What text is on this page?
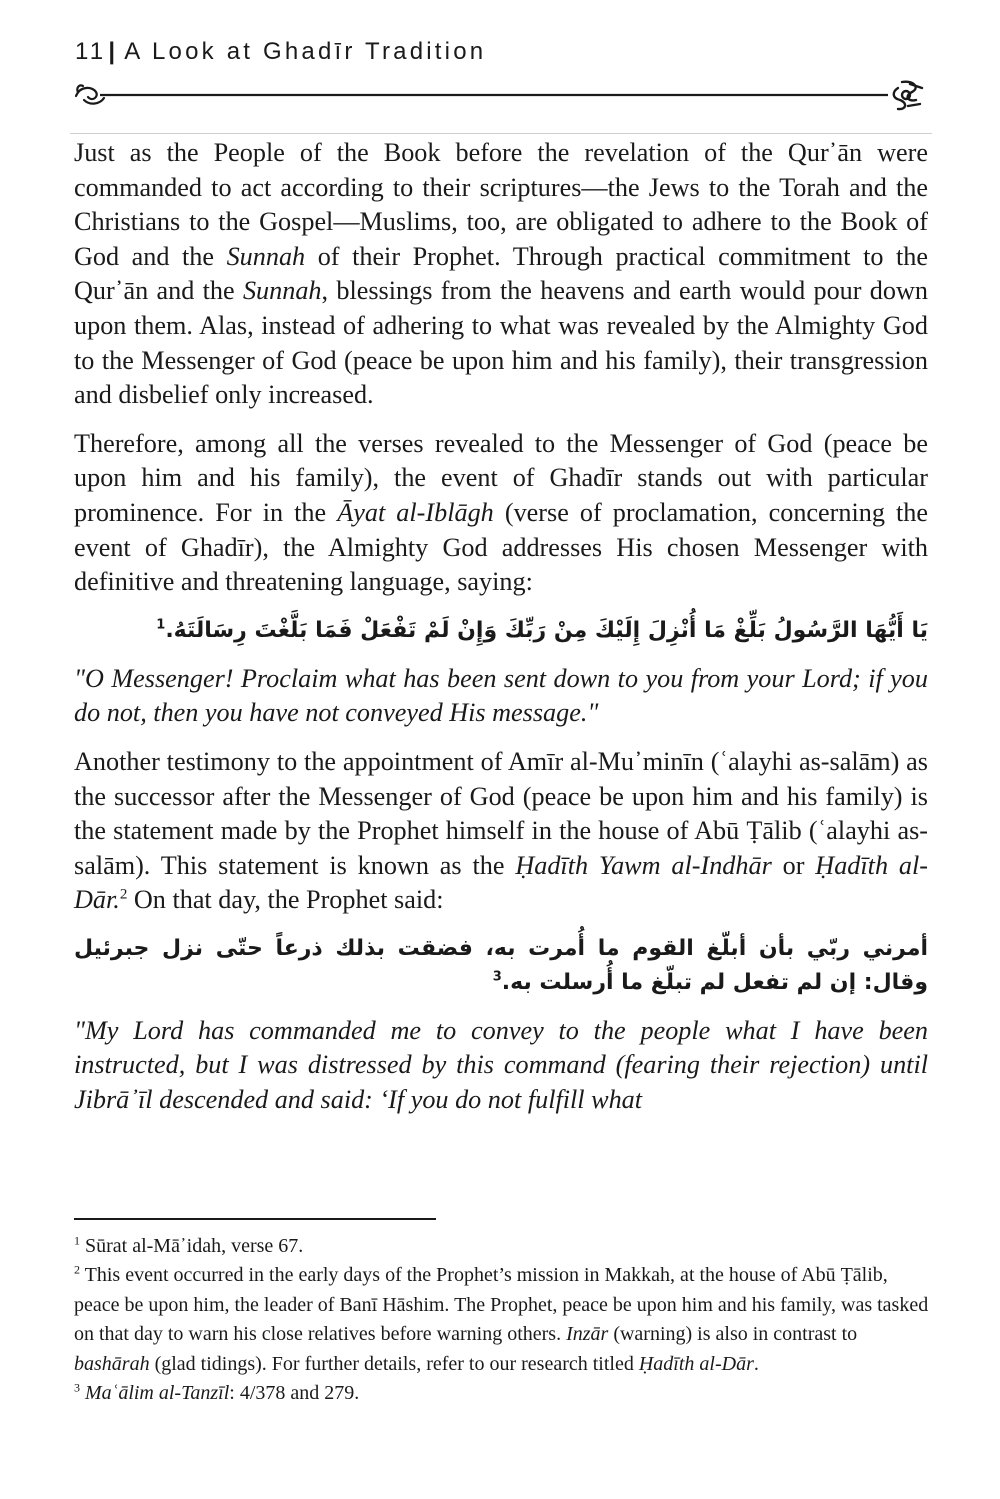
11| A Look at Ghadīr Tradition

Just as the People of the Book before the revelation of the Qur᾽ān were commanded to act according to their scriptures—the Jews to the Torah and the Christians to the Gospel—Muslims, too, are obligated to adhere to the Book of God and the Sunnah of their Prophet. Through practical commitment to the Qur᾽ān and the Sunnah, blessings from the heavens and earth would pour down upon them. Alas, instead of adhering to what was revealed by the Almighty God to the Messenger of God (peace be upon him and his family), their transgression and disbelief only increased.

Therefore, among all the verses revealed to the Messenger of God (peace be upon him and his family), the event of Ghadīr stands out with particular prominence. For in the Āyat al-Iblāgh (verse of proclamation, concerning the event of Ghadīr), the Almighty God addresses His chosen Messenger with definitive and threatening language, saying:

يَا أَيُّهَا الرَّسُولُ بَلِّغْ مَا أُنْزِلَ إِلَيْكَ مِنْ رَبِّكَ وَإِنْ لَمْ تَفْعَلْ فَمَا بَلَّغْتَ رِسَالَتَهُ.$^1$

"O Messenger! Proclaim what has been sent down to you from your Lord; if you do not, then you have not conveyed His message."

Another testimony to the appointment of Amīr al-Mu᾽minīn (ʿalayhi as-salām) as the successor after the Messenger of God (peace be upon him and his family) is the statement made by the Prophet himself in the house of Abū Ṭālib (ʿalayhi as-salām). This statement is known as the Ḥadīth Yawm al-Indhār or Ḥadīth al-Dār.$^2$ On that day, the Prophet said:

أمرني ربّي بأن أبلّغ القوم ما أُمرت به، فضقت بذلك ذرعاً حتّى نزل جبرئيل وقال: إن لم تفعل لم تبلّغ ما أُرسلت به.$^3$

"My Lord has commanded me to convey to the people what I have been instructed, but I was distressed by this command (fearing their rejection) until Jibrā᾽īl descended and said: ‘If you do not fulfill what

$^1$ Sūrat al-Mā᾽idah, verse 67.

$^2$ This event occurred in the early days of the Prophet’s mission in Makkah, at the house of Abū Ṭālib, peace be upon him, the leader of Banī Hāshim. The Prophet, peace be upon him and his family, was tasked on that day to warn his close relatives before warning others. Inzār (warning) is also in contrast to bashārah (glad tidings). For further details, refer to our research titled Ḥadīth al-Dār.

$^3$ Maʿālim al-Tanzīl: 4/378 and 279.
